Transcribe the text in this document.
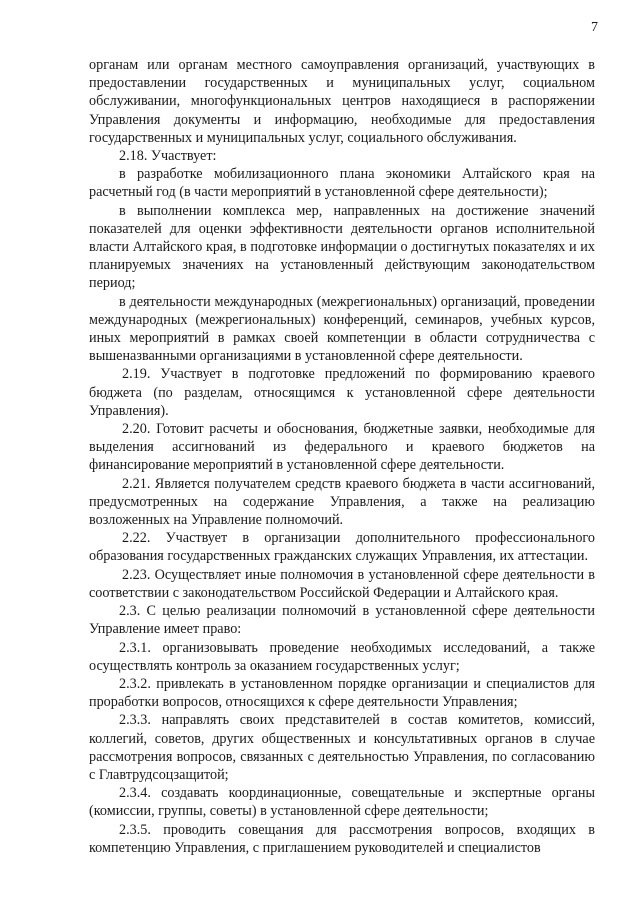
7

органам или органам местного самоуправления организаций, участвующих в предоставлении государственных и муниципальных услуг, социальном обслуживании, многофункциональных центров находящиеся в распоряжении Управления документы и информацию, необходимые для предоставления государственных и муниципальных услуг, социального обслуживания.

2.18. Участвует:

в разработке мобилизационного плана экономики Алтайского края на расчетный год (в части мероприятий в установленной сфере деятельности);

в выполнении комплекса мер, направленных на достижение значений показателей для оценки эффективности деятельности органов исполнительной власти Алтайского края, в подготовке информации о достигнутых показателях и их планируемых значениях на установленный действующим законодательством период;

в деятельности международных (межрегиональных) организаций, проведении международных (межрегиональных) конференций, семинаров, учебных курсов, иных мероприятий в рамках своей компетенции в области сотрудничества с вышеназванными организациями в установленной сфере деятельности.

2.19. Участвует в подготовке предложений по формированию краевого бюджета (по разделам, относящимся к установленной сфере деятельности Управления).

2.20. Готовит расчеты и обоснования, бюджетные заявки, необходимые для выделения ассигнований из федерального и краевого бюджетов на финансирование мероприятий в установленной сфере деятельности.

2.21. Является получателем средств краевого бюджета в части ассигнований, предусмотренных на содержание Управления, а также на реализацию возложенных на Управление полномочий.

2.22. Участвует в организации дополнительного профессионального образования государственных гражданских служащих Управления, их аттестации.

2.23. Осуществляет иные полномочия в установленной сфере деятельности в соответствии с законодательством Российской Федерации и Алтайского края.

2.3. С целью реализации полномочий в установленной сфере деятельности Управление имеет право:

2.3.1. организовывать проведение необходимых исследований, а также осуществлять контроль за оказанием государственных услуг;

2.3.2. привлекать в установленном порядке организации и специалистов для проработки вопросов, относящихся к сфере деятельности Управления;

2.3.3. направлять своих представителей в состав комитетов, комиссий, коллегий, советов, других общественных и консультативных органов в случае рассмотрения вопросов, связанных с деятельностью Управления, по согласованию с Главтрудсоцзащитой;

2.3.4. создавать координационные, совещательные и экспертные органы (комиссии, группы, советы) в установленной сфере деятельности;

2.3.5. проводить совещания для рассмотрения вопросов, входящих в компетенцию Управления, с приглашением руководителей и специалистов
